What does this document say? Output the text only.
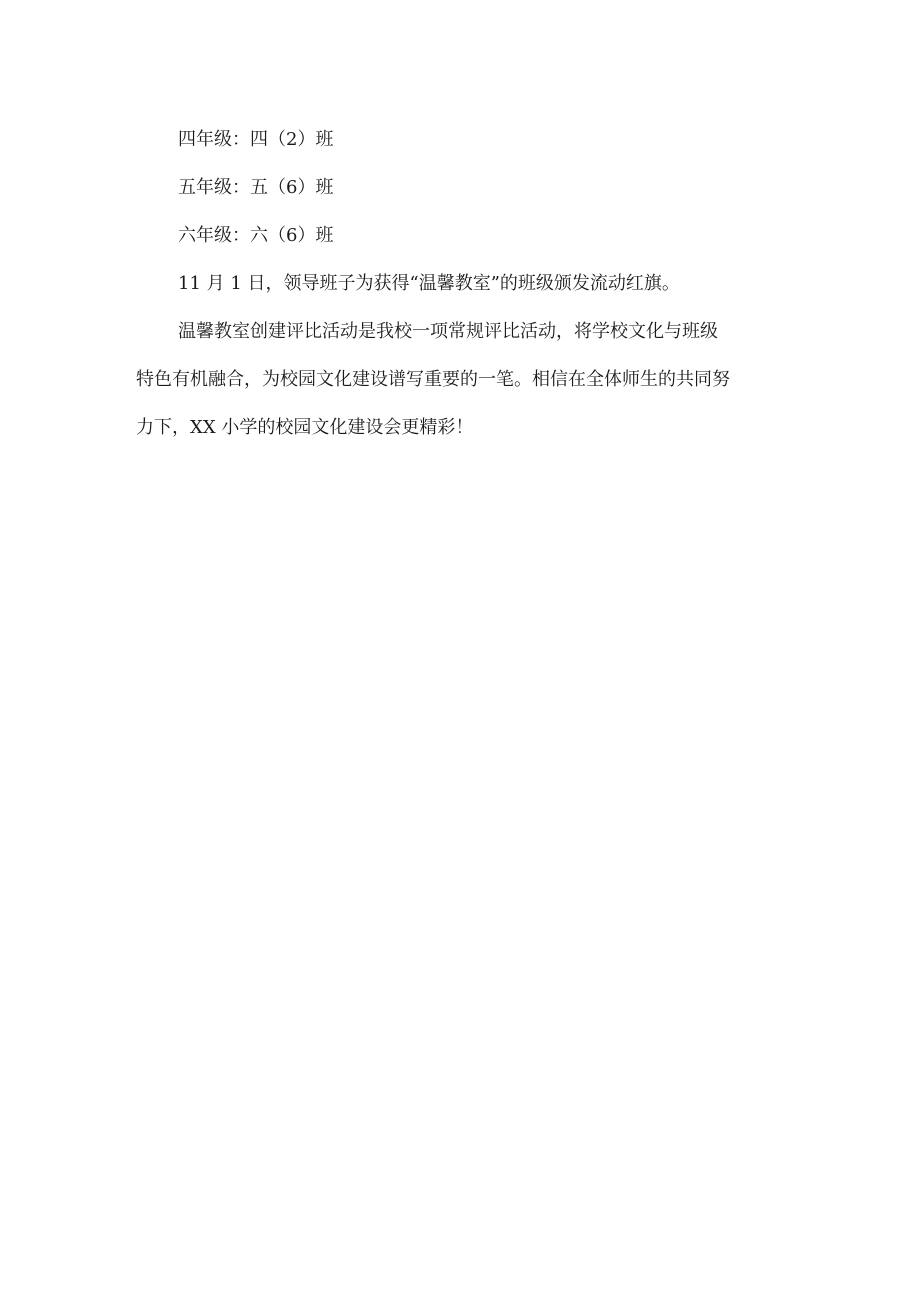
四年级：四（2）班
五年级：五（6）班
六年级：六（6）班
11 月 1 日，领导班子为获得“温馨教室”的班级颁发流动红旗。
温馨教室创建评比活动是我校一项常规评比活动，将学校文化与班级
特色有机融合，为校园文化建设谱写重要的一笔。相信在全体师生的共同努
力下，XX 小学的校园文化建设会更精彩！
